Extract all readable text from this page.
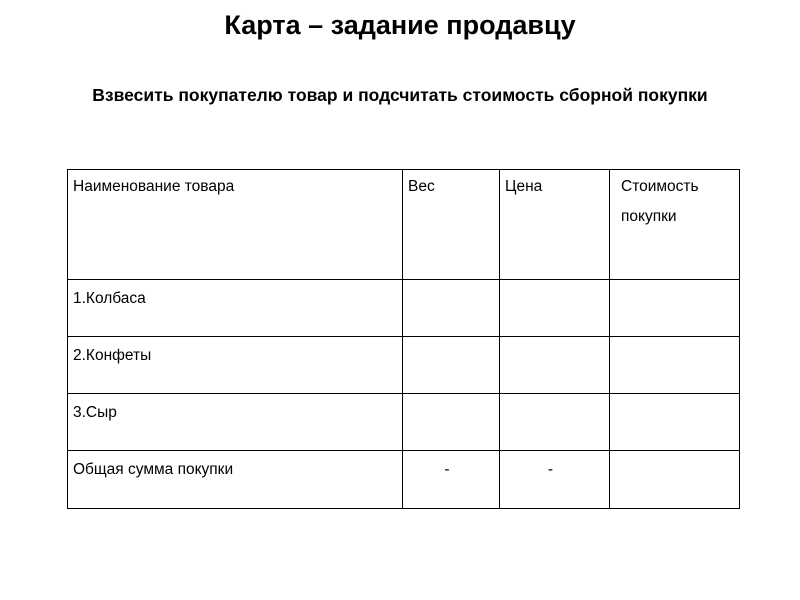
Карта – задание продавцу
Взвесить покупателю товар и подсчитать стоимость сборной покупки
Наименование товара	Вес	Цена	Стоимость покупки

1.Колбаса			
2.Конфеты			
3.Сыр			
Общая сумма покупки	-	-	
